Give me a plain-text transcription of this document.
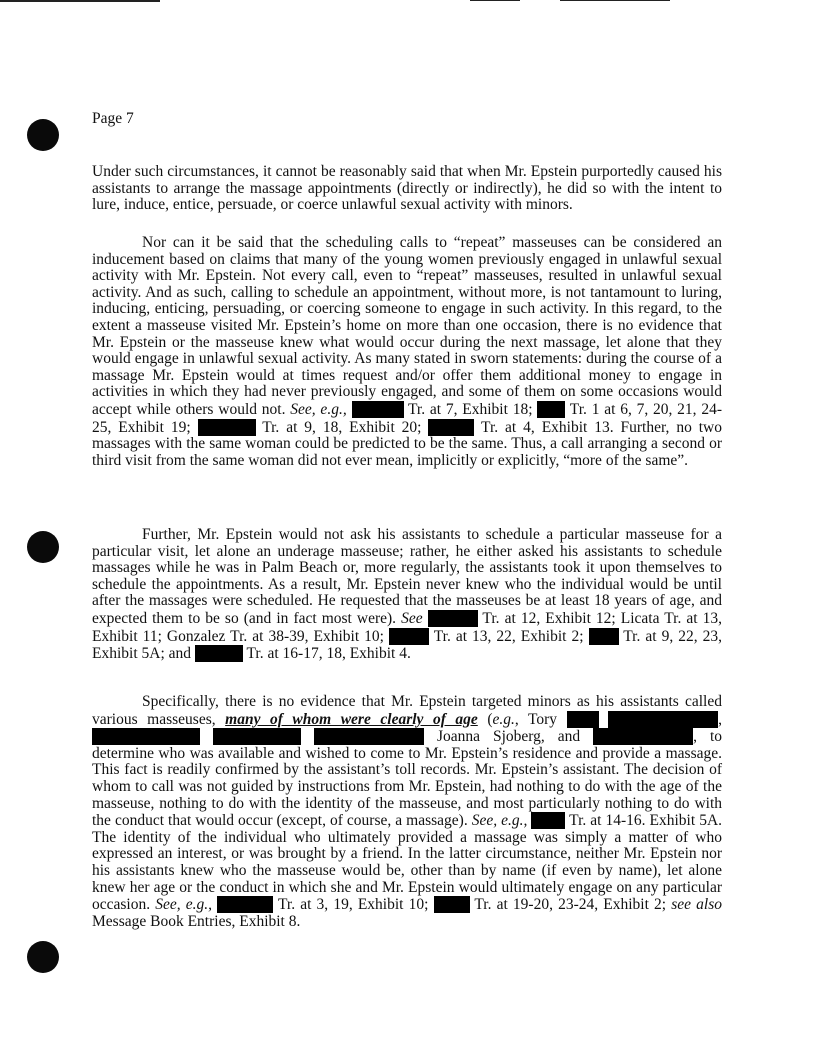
Page 7

Under such circumstances, it cannot be reasonably said that when Mr. Epstein purportedly caused his assistants to arrange the massage appointments (directly or indirectly), he did so with the intent to lure, induce, entice, persuade, or coerce unlawful sexual activity with minors.

Nor can it be said that the scheduling calls to “repeat” masseuses can be considered an inducement based on claims that many of the young women previously engaged in unlawful sexual activity with Mr. Epstein. Not every call, even to “repeat” masseuses, resulted in unlawful sexual activity. And as such, calling to schedule an appointment, without more, is not tantamount to luring, inducing, enticing, persuading, or coercing someone to engage in such activity. In this regard, to the extent a masseuse visited Mr. Epstein’s home on more than one occasion, there is no evidence that Mr. Epstein or the masseuse knew what would occur during the next massage, let alone that they would engage in unlawful sexual activity. As many stated in sworn statements: during the course of a massage Mr. Epstein would at times request and/or offer them additional money to engage in activities in which they had never previously engaged, and some of them on some occasions would accept while others would not. See, e.g.,	Tr. at 7, Exhibit 18;  Tr. 1 at 6, 7, 20, 21, 24-25, Exhibit 19;	Tr. at 9, 18, Exhibit 20;	Tr. at 4, Exhibit 13. Further, no two massages with the same woman could be predicted to be the same. Thus, a call arranging a second or third visit from the same woman did not ever mean, implicitly or explicitly, “more of the same”.

Further, Mr. Epstein would not ask his assistants to schedule a particular masseuse for a particular visit, let alone an underage masseuse; rather, he either asked his assistants to schedule massages while he was in Palm Beach or, more regularly, the assistants took it upon themselves to schedule the appointments. As a result, Mr. Epstein never knew who the individual would be until after the massages were scheduled. He requested that the masseuses be at least 18 years of age, and expected them to be so (and in fact most were). See	Tr. at 12, Exhibit 12; Licata Tr. at 13, Exhibit 11; Gonzalez Tr. at 38-39, Exhibit 10;	Tr. at 13, 22, Exhibit 2;  Tr. at 9, 22, 23, Exhibit 5A; and	Tr. at 16-17, 18, Exhibit 4.

Specifically, there is no evidence that Mr. Epstein targeted minors as his assistants called various masseuses, many of whom were clearly of age (e.g., Tory	,    Joanna Sjoberg, and	, to determine who was available and wished to come to Mr. Epstein’s residence and provide a massage. This fact is readily confirmed by the assistant’s toll records. Mr. Epstein’s assistant. The decision of whom to call was not guided by instructions from Mr. Epstein, had nothing to do with the age of the masseuse, nothing to do with the identity of the masseuse, and most particularly nothing to do with the conduct that would occur (except, of course, a massage). See, e.g.,  Tr. at 14-16. Exhibit 5A. The identity of the individual who ultimately provided a massage was simply a matter of who expressed an interest, or was brought by a friend. In the latter circumstance, neither Mr. Epstein nor his assistants knew who the masseuse would be, other than by name (if even by name), let alone knew her age or the conduct in which she and Mr. Epstein would ultimately engage on any particular occasion. See, e.g.,	Tr. at 3, 19, Exhibit 10;  Tr. at 19-20, 23-24, Exhibit 2; see also Message Book Entries, Exhibit 8.
